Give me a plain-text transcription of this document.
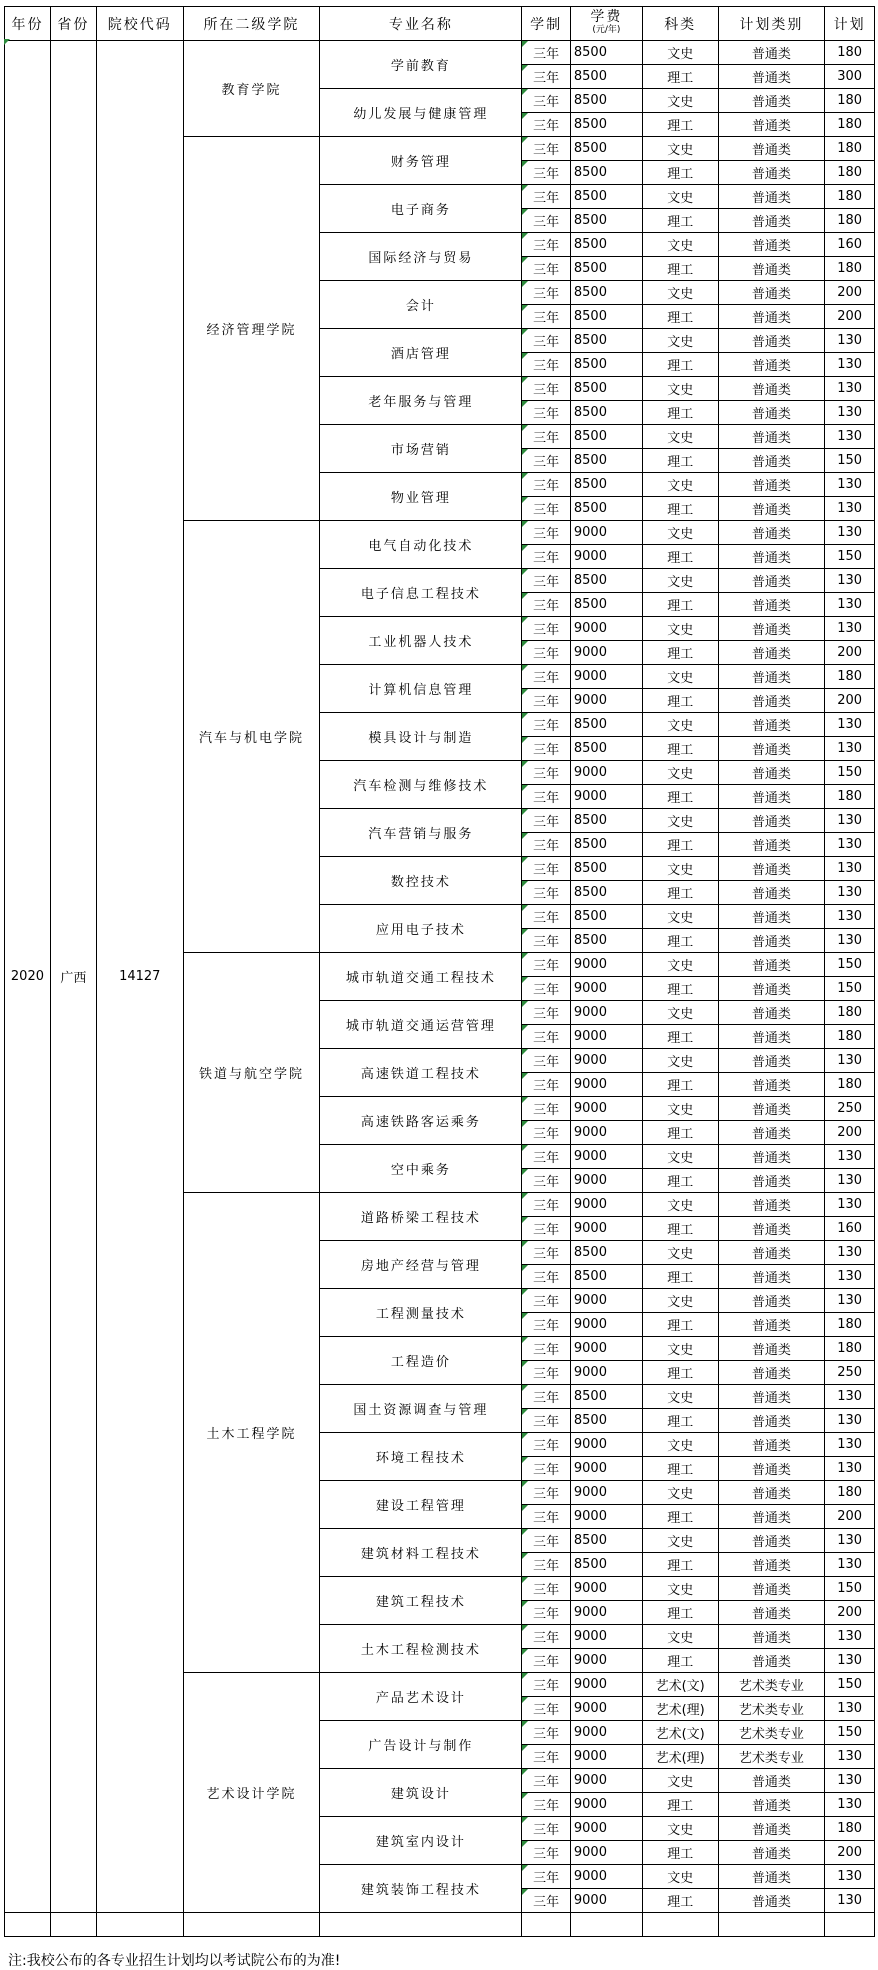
年份	省份	院校代码	所在二级学院	专业名称	学制	学费
(元/年)	科类	计划类别	计划
2020	广西	14127	教育学院	学前教育	三年	8500	文史	普通类	180
					三年	8500	理工	普通类	300
				幼儿发展与健康管理	三年	8500	文史	普通类	180
					三年	8500	理工	普通类	180
			经济管理学院	财务管理	三年	8500	文史	普通类	180
					三年	8500	理工	普通类	180
				电子商务	三年	8500	文史	普通类	180
					三年	8500	理工	普通类	180
				国际经济与贸易	三年	8500	文史	普通类	160
					三年	8500	理工	普通类	180
				会计	三年	8500	文史	普通类	200
					三年	8500	理工	普通类	200
				酒店管理	三年	8500	文史	普通类	130
					三年	8500	理工	普通类	130
				老年服务与管理	三年	8500	文史	普通类	130
					三年	8500	理工	普通类	130
				市场营销	三年	8500	文史	普通类	130
					三年	8500	理工	普通类	150
				物业管理	三年	8500	文史	普通类	130
					三年	8500	理工	普通类	130
			汽车与机电学院	电气自动化技术	三年	9000	文史	普通类	130
					三年	9000	理工	普通类	150
				电子信息工程技术	三年	8500	文史	普通类	130
					三年	8500	理工	普通类	130
				工业机器人技术	三年	9000	文史	普通类	130
					三年	9000	理工	普通类	200
				计算机信息管理	三年	9000	文史	普通类	180
					三年	9000	理工	普通类	200
				模具设计与制造	三年	8500	文史	普通类	130
					三年	8500	理工	普通类	130
				汽车检测与维修技术	三年	9000	文史	普通类	150
					三年	9000	理工	普通类	180
				汽车营销与服务	三年	8500	文史	普通类	130
					三年	8500	理工	普通类	130
				数控技术	三年	8500	文史	普通类	130
					三年	8500	理工	普通类	130
				应用电子技术	三年	8500	文史	普通类	130
					三年	8500	理工	普通类	130
			铁道与航空学院	城市轨道交通工程技术	三年	9000	文史	普通类	150
					三年	9000	理工	普通类	150
				城市轨道交通运营管理	三年	9000	文史	普通类	180
					三年	9000	理工	普通类	180
				高速铁道工程技术	三年	9000	文史	普通类	130
					三年	9000	理工	普通类	180
				高速铁路客运乘务	三年	9000	文史	普通类	250
					三年	9000	理工	普通类	200
				空中乘务	三年	9000	文史	普通类	130
					三年	9000	理工	普通类	130
			土木工程学院	道路桥梁工程技术	三年	9000	文史	普通类	130
					三年	9000	理工	普通类	160
				房地产经营与管理	三年	8500	文史	普通类	130
					三年	8500	理工	普通类	130
				工程测量技术	三年	9000	文史	普通类	130
					三年	9000	理工	普通类	180
				工程造价	三年	9000	文史	普通类	180
					三年	9000	理工	普通类	250
				国土资源调查与管理	三年	8500	文史	普通类	130
					三年	8500	理工	普通类	130
				环境工程技术	三年	9000	文史	普通类	130
					三年	9000	理工	普通类	130
				建设工程管理	三年	9000	文史	普通类	180
					三年	9000	理工	普通类	200
				建筑材料工程技术	三年	8500	文史	普通类	130
					三年	8500	理工	普通类	130
				建筑工程技术	三年	9000	文史	普通类	150
					三年	9000	理工	普通类	200
				土木工程检测技术	三年	9000	文史	普通类	130
					三年	9000	理工	普通类	130
			艺术设计学院	产品艺术设计	三年	9000	艺术(文)	艺术类专业	150
					三年	9000	艺术(理)	艺术类专业	130
				广告设计与制作	三年	9000	艺术(文)	艺术类专业	150
					三年	9000	艺术(理)	艺术类专业	130
				建筑设计	三年	9000	文史	普通类	130
					三年	9000	理工	普通类	130
				建筑室内设计	三年	9000	文史	普通类	180
					三年	9000	理工	普通类	200
				建筑装饰工程技术	三年	9000	文史	普通类	130
					三年	9000	理工	普通类	130

注:我校公布的各专业招生计划均以考试院公布的为准!
